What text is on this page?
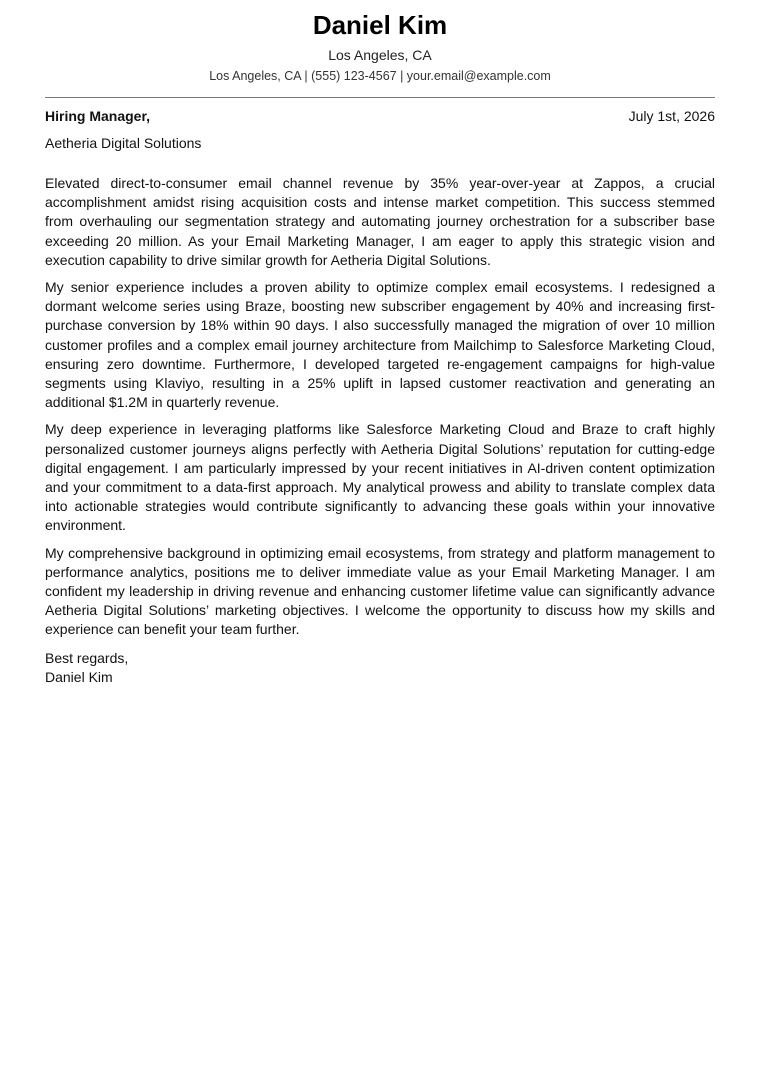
Daniel Kim
Los Angeles, CA
Los Angeles, CA | (555) 123-4567 | your.email@example.com
Hiring Manager,	July 1st, 2026
Aetheria Digital Solutions

Elevated direct-to-consumer email channel revenue by 35% year-over-year at Zappos, a crucial accomplishment amidst rising acquisition costs and intense market competition. This success stemmed from overhauling our segmentation strategy and automating journey orchestration for a subscriber base exceeding 20 million. As your Email Marketing Manager, I am eager to apply this strategic vision and execution capability to drive similar growth for Aetheria Digital Solutions.

My senior experience includes a proven ability to optimize complex email ecosystems. I redesigned a dormant welcome series using Braze, boosting new subscriber engagement by 40% and increasing first-purchase conversion by 18% within 90 days. I also successfully managed the migration of over 10 million customer profiles and a complex email journey architecture from Mailchimp to Salesforce Marketing Cloud, ensuring zero downtime. Furthermore, I developed targeted re-engagement campaigns for high-value segments using Klaviyo, resulting in a 25% uplift in lapsed customer reactivation and generating an additional $1.2M in quarterly revenue.

My deep experience in leveraging platforms like Salesforce Marketing Cloud and Braze to craft highly personalized customer journeys aligns perfectly with Aetheria Digital Solutions’ reputation for cutting-edge digital engagement. I am particularly impressed by your recent initiatives in AI-driven content optimization and your commitment to a data-first approach. My analytical prowess and ability to translate complex data into actionable strategies would contribute significantly to advancing these goals within your innovative environment.

My comprehensive background in optimizing email ecosystems, from strategy and platform management to performance analytics, positions me to deliver immediate value as your Email Marketing Manager. I am confident my leadership in driving revenue and enhancing customer lifetime value can significantly advance Aetheria Digital Solutions’ marketing objectives. I welcome the opportunity to discuss how my skills and experience can benefit your team further.

Best regards,
Daniel Kim
